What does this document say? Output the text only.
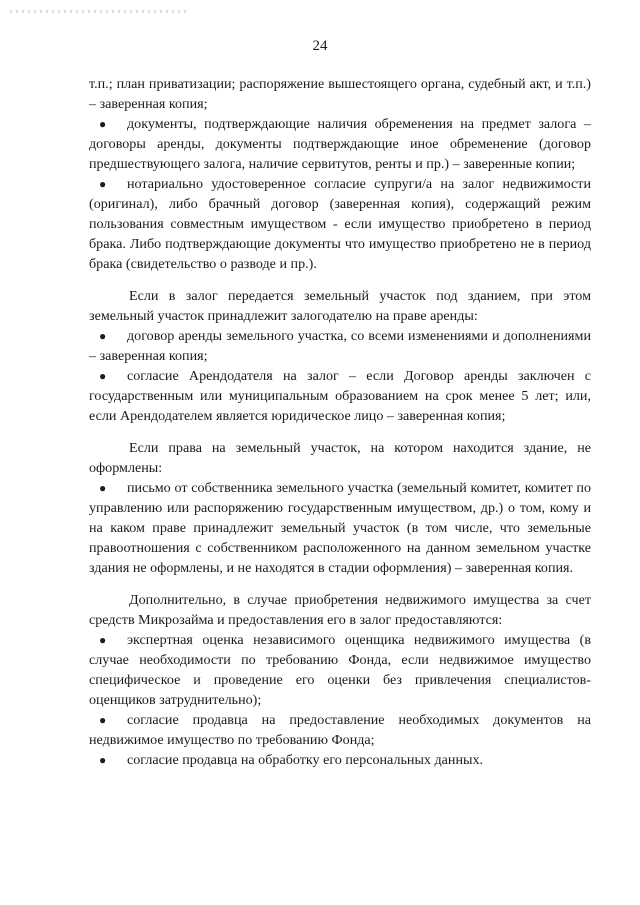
24

т.п.; план приватизации; распоряжение вышестоящего органа, судебный акт, и т.п.) – заверенная копия;

● документы, подтверждающие наличия обременения на предмет залога – договоры аренды, документы подтверждающие иное обременение (договор предшествующего залога, наличие сервитутов, ренты и пр.) – заверенные копии;

● нотариально удостоверенное согласие супруги/а на залог недвижимости (оригинал), либо брачный договор (заверенная копия), содержащий режим пользования совместным имуществом - если имущество приобретено в период брака. Либо подтверждающие документы что имущество приобретено не в период брака (свидетельство о разводе и пр.).

Если в залог передается земельный участок под зданием, при этом земельный участок принадлежит залогодателю на праве аренды:

● договор аренды земельного участка, со всеми изменениями и дополнениями – заверенная копия;

● согласие Арендодателя на залог – если Договор аренды заключен с государственным или муниципальным образованием на срок менее 5 лет; или, если Арендодателем является юридическое лицо – заверенная копия;

Если права на земельный участок, на котором находится здание, не оформлены:

● письмо от собственника земельного участка (земельный комитет, комитет по управлению или распоряжению государственным имуществом, др.) о том, кому и на каком праве принадлежит земельный участок (в том числе, что земельные правоотношения с собственником расположенного на данном земельном участке здания не оформлены, и не находятся в стадии оформления) – заверенная копия.

Дополнительно, в случае приобретения недвижимого имущества за счет средств Микрозайма и предоставления его в залог предоставляются:

● экспертная оценка независимого оценщика недвижимого имущества (в случае необходимости по требованию Фонда, если недвижимое имущество специфическое и проведение его оценки без привлечения специалистов-оценщиков затруднительно);

● согласие продавца на предоставление необходимых документов на недвижимое имущество по требованию Фонда;

● согласие продавца на обработку его персональных данных.
